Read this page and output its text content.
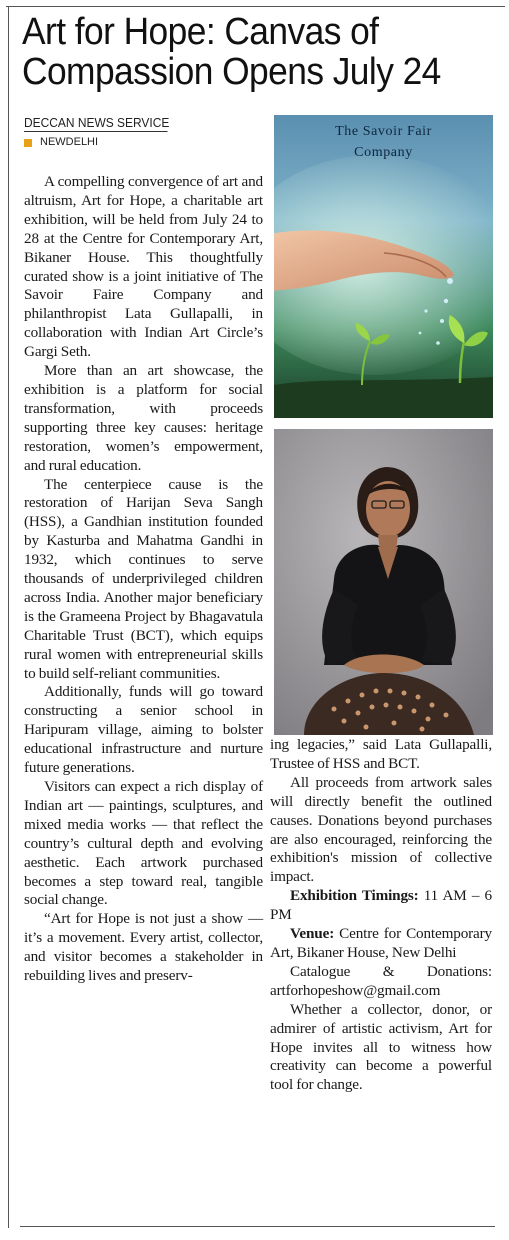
Art for Hope: Canvas of Compassion Opens July 24
DECCAN NEWS SERVICE
NEWDELHI

A compelling convergence of art and altruism, Art for Hope, a charitable art exhibition, will be held from July 24 to 28 at the Centre for Contemporary Art, Bikaner House. This thoughtfully curated show is a joint initiative of The Savoir Faire Company and philanthropist Lata Gullapalli, in collaboration with Indian Art Circle’s Gargi Seth.

More than an art showcase, the exhibition is a platform for social transformation, with proceeds supporting three key causes: heritage restoration, women’s empowerment, and rural education.

The centerpiece cause is the restoration of Harijan Seva Sangh (HSS), a Gandhian institution founded by Kasturba and Mahatma Gandhi in 1932, which continues to serve thousands of underprivileged children across India. Another major beneficiary is the Grameena Project by Bhagavatula Charitable Trust (BCT), which equips rural women with entrepreneurial skills to build self-reliant communities.

Additionally, funds will go toward constructing a senior school in Haripuram village, aiming to bolster educational infrastructure and nurture future generations.

Visitors can expect a rich display of Indian art — paintings, sculptures, and mixed media works — that reflect the country’s cultural depth and evolving aesthetic. Each artwork purchased becomes a step toward real, tangible social change.

“Art for Hope is not just a show — it’s a movement. Every artist, collector, and visitor becomes a stakeholder in rebuilding lives and preserv-

The Savoir Fair
Company

ing legacies,” said Lata Gullapalli, Trustee of HSS and BCT.

All proceeds from artwork sales will directly benefit the outlined causes. Donations beyond purchases are also encouraged, reinforcing the exhibition's mission of collective impact.

Exhibition Timings: 11 AM – 6 PM

Venue: Centre for Contemporary Art, Bikaner House, New Delhi

Catalogue & Donations: artforhopeshow@gmail.com

Whether a collector, donor, or admirer of artistic activism, Art for Hope invites all to witness how creativity can become a powerful tool for change.
